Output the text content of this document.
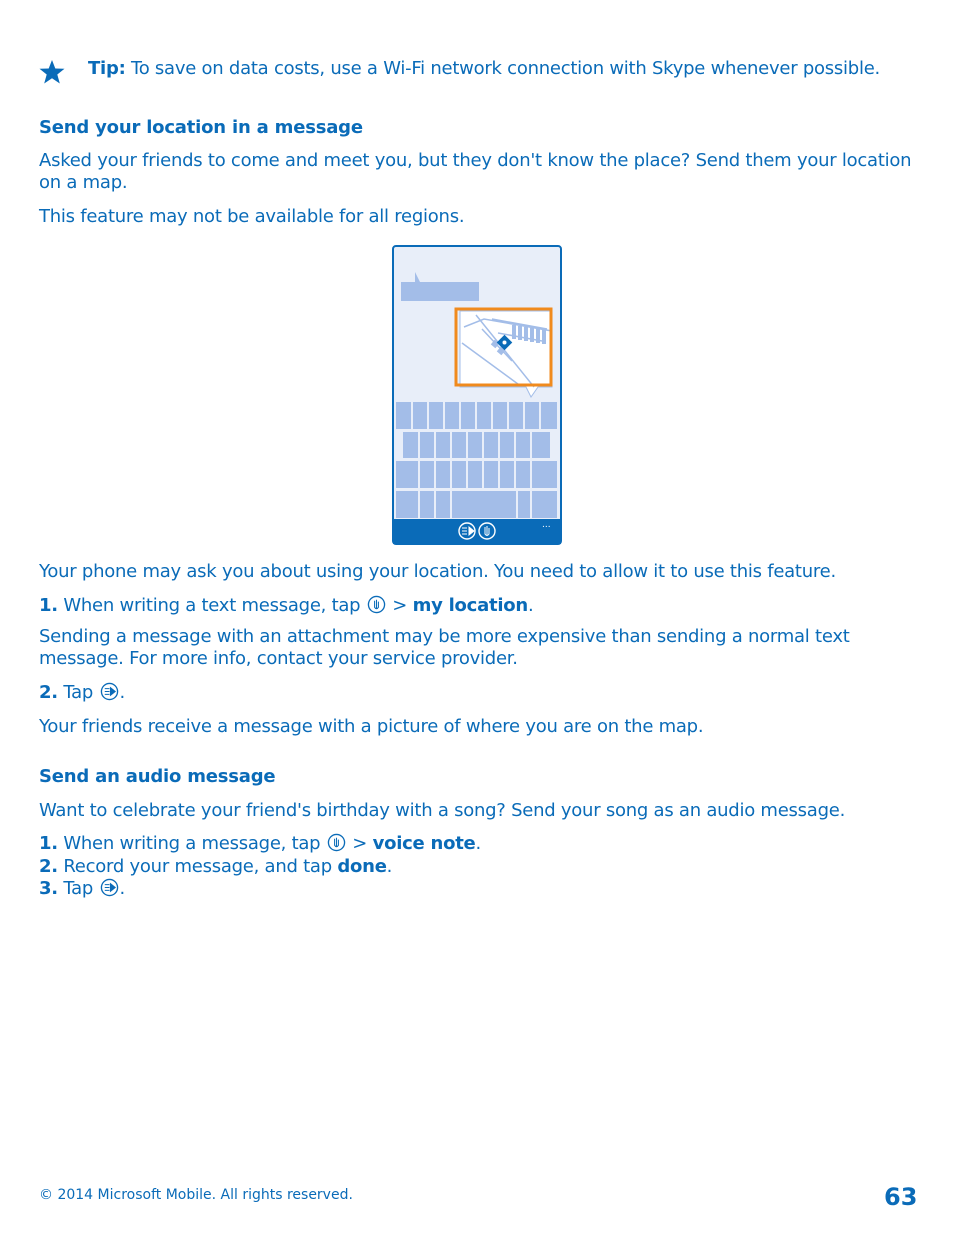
Tip: To save on data costs, use a Wi-Fi network connection with Skype whenever possible.
Send your location in a message

Asked your friends to come and meet you, but they don't know the place? Send them your location on a map.

This feature may not be available for all regions.

...

Your phone may ask you about using your location. You need to allow it to use this feature.

1. When writing a text message, tap  > my location.

Sending a message with an attachment may be more expensive than sending a normal text message. For more info, contact your service provider.

2. Tap .

Your friends receive a message with a picture of where you are on the map.

Send an audio message

Want to celebrate your friend's birthday with a song? Send your song as an audio message.

1. When writing a message, tap  > voice note.

2. Record your message, and tap done.

3. Tap .

© 2014 Microsoft Mobile. All rights reserved.	63
